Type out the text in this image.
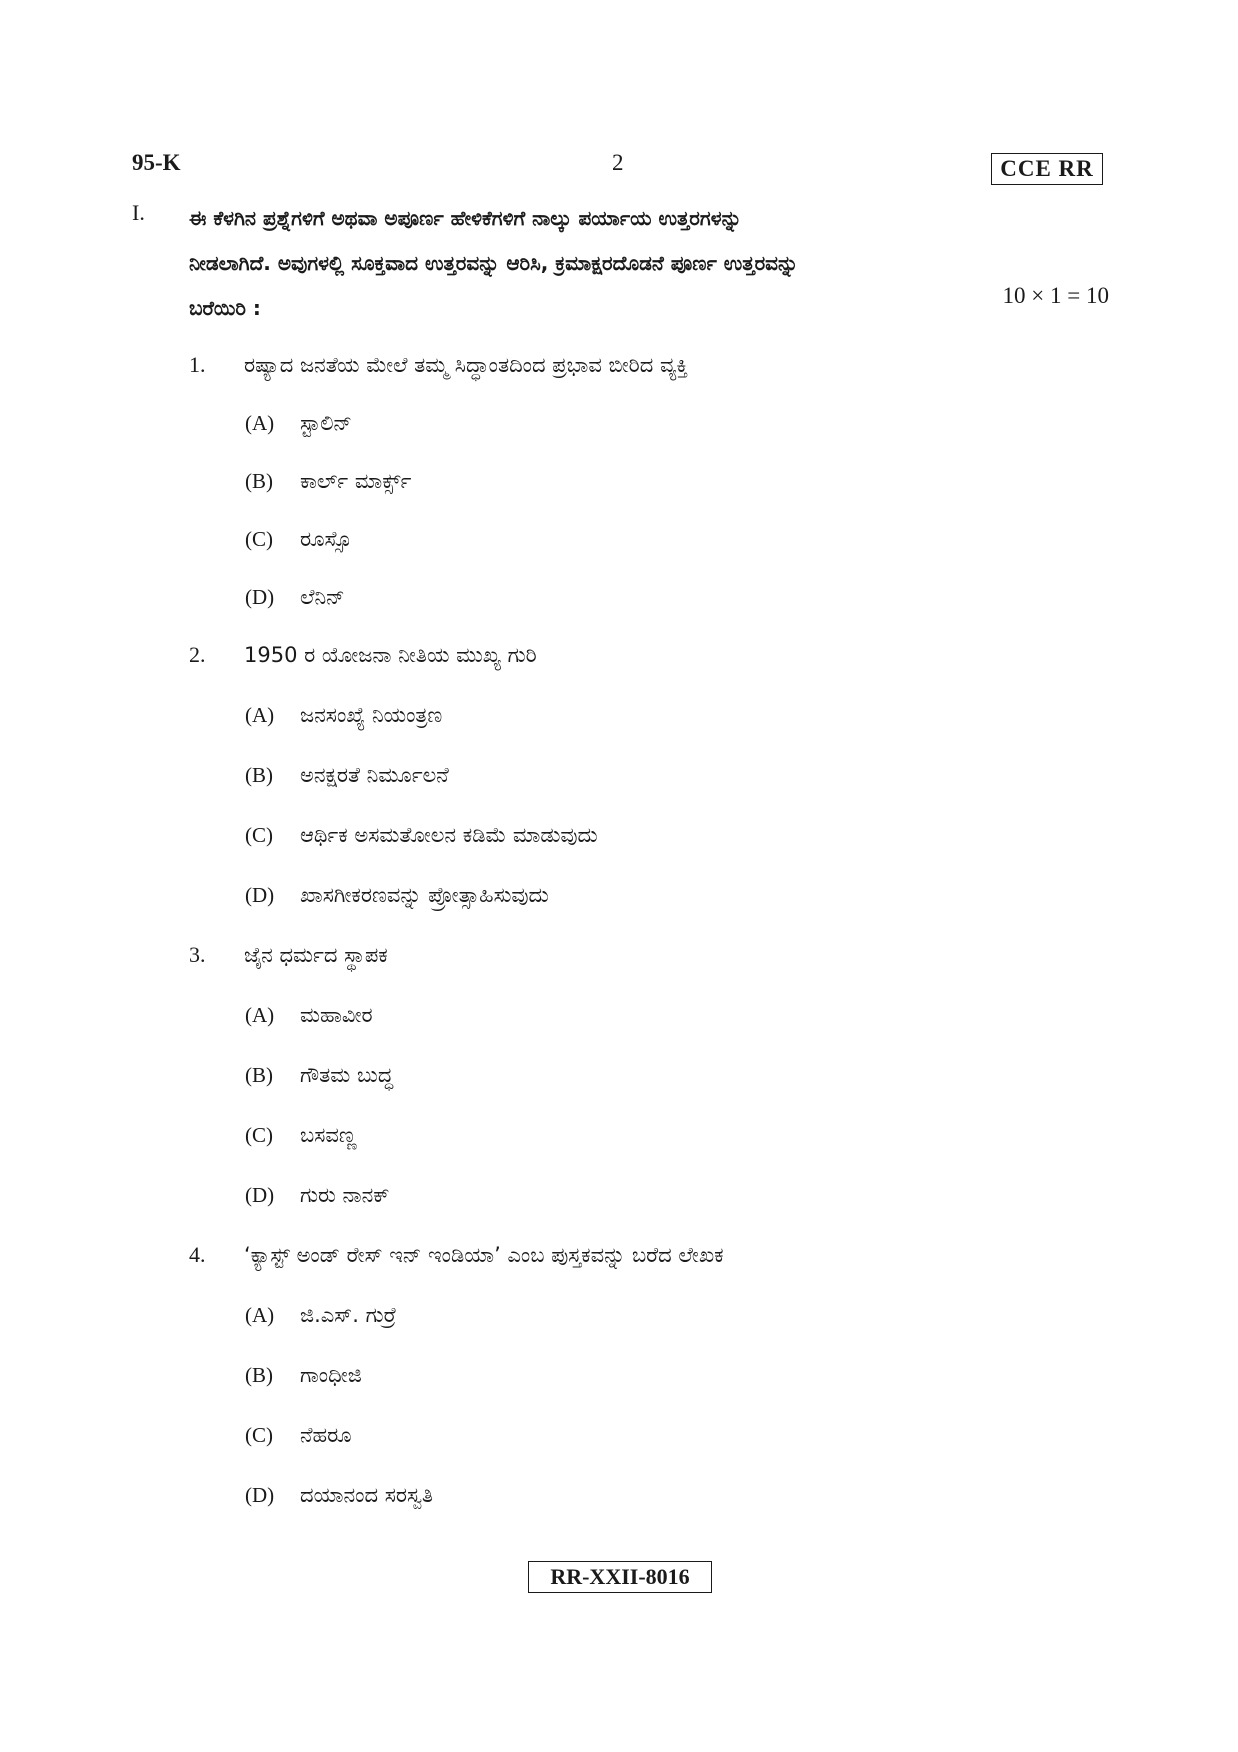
95-K	2	CCE RR
I. ಈ ಕೆಳಗಿನ ಪ್ರಶ್ನೆಗಳಿಗೆ ಅಥವಾ ಅಪೂರ್ಣ ಹೇಳಿಕೆಗಳಿಗೆ ನಾಲ್ಕು ಪರ್ಯಾಯ ಉತ್ತರಗಳನ್ನು
ನೀಡಲಾಗಿದೆ. ಅವುಗಳಲ್ಲಿ ಸೂಕ್ತವಾದ ಉತ್ತರವನ್ನು ಆರಿಸಿ, ಕ್ರಮಾಕ್ಷರದೊಡನೆ ಪೂರ್ಣ ಉತ್ತರವನ್ನು
ಬರೆಯಿರಿ :	10 × 1 = 10
1. ರಷ್ಯಾದ ಜನತೆಯ ಮೇಲೆ ತಮ್ಮ ಸಿದ್ಧಾಂತದಿಂದ ಪ್ರಭಾವ ಬೀರಿದ ವ್ಯಕ್ತಿ
(A) ಸ್ಟಾಲಿನ್
(B) ಕಾರ್ಲ್ ಮಾರ್ಕ್ಸ್
(C) ರೂಸ್ಸೊ
(D) ಲೆನಿನ್
2. 1950 ರ ಯೋಜನಾ ನೀತಿಯ ಮುಖ್ಯ ಗುರಿ
(A) ಜನಸಂಖ್ಯೆ ನಿಯಂತ್ರಣ
(B) ಅನಕ್ಷರತೆ ನಿರ್ಮೂಲನೆ
(C) ಆರ್ಥಿಕ ಅಸಮತೋಲನ ಕಡಿಮೆ ಮಾಡುವುದು
(D) ಖಾಸಗೀಕರಣವನ್ನು ಪ್ರೋತ್ಸಾಹಿಸುವುದು
3. ಜೈನ ಧರ್ಮದ ಸ್ಥಾಪಕ
(A) ಮಹಾವೀರ
(B) ಗೌತಮ ಬುದ್ಧ
(C) ಬಸವಣ್ಣ
(D) ಗುರು ನಾನಕ್
4. ‘ಕ್ಯಾಸ್ಟ್ ಅಂಡ್ ರೇಸ್ ಇನ್ ಇಂಡಿಯಾ’ ಎಂಬ ಪುಸ್ತಕವನ್ನು ಬರೆದ ಲೇಖಕ
(A) ಜಿ.ಎಸ್. ಗುರ್ರೆ
(B) ಗಾಂಧೀಜಿ
(C) ನೆಹರೂ
(D) ದಯಾನಂದ ಸರಸ್ವತಿ
RR-XXII-8016
